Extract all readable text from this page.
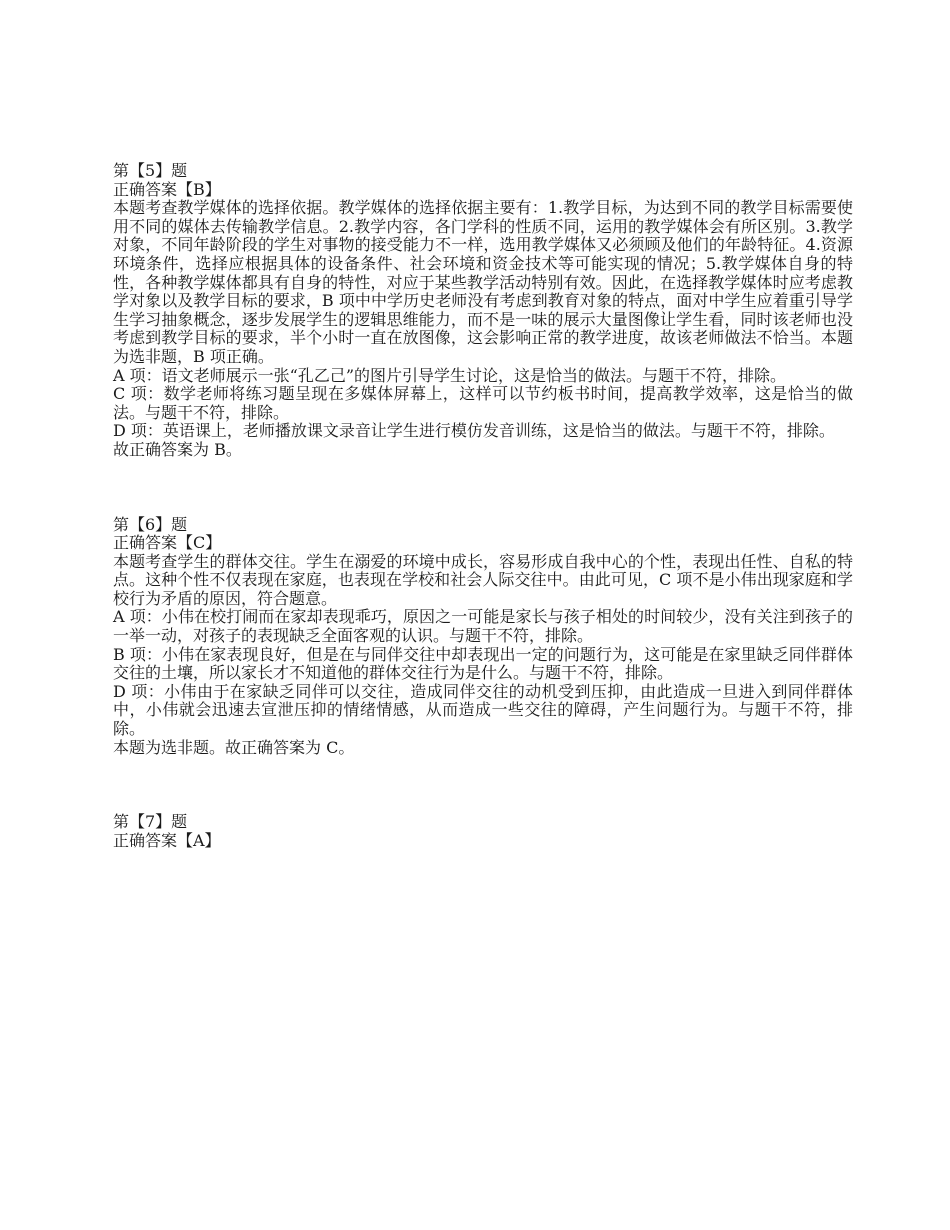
第【5】题

正确答案【B】

本题考查教学媒体的选择依据。教学媒体的选择依据主要有：1.教学目标，为达到不同的教学目标需要使用不同的媒体去传输教学信息。2.教学内容，各门学科的性质不同，运用的教学媒体会有所区别。3.教学对象，不同年龄阶段的学生对事物的接受能力不一样，选用教学媒体又必须顾及他们的年龄特征。4.资源环境条件，选择应根据具体的设备条件、社会环境和资金技术等可能实现的情况；5.教学媒体自身的特性，各种教学媒体都具有自身的特性，对应于某些教学活动特别有效。因此，在选择教学媒体时应考虑教学对象以及教学目标的要求，B 项中中学历史老师没有考虑到教育对象的特点，面对中学生应着重引导学生学习抽象概念，逐步发展学生的逻辑思维能力，而不是一味的展示大量图像让学生看，同时该老师也没考虑到教学目标的要求，半个小时一直在放图像，这会影响正常的教学进度，故该老师做法不恰当。本题为选非题，B 项正确。

A 项：语文老师展示一张“孔乙己”的图片引导学生讨论，这是恰当的做法。与题干不符，排除。

C 项：数学老师将练习题呈现在多媒体屏幕上，这样可以节约板书时间，提高教学效率，这是恰当的做法。与题干不符，排除。

D 项：英语课上，老师播放课文录音让学生进行模仿发音训练，这是恰当的做法。与题干不符，排除。

故正确答案为 B。

第【6】题

正确答案【C】

本题考查学生的群体交往。学生在溺爱的环境中成长，容易形成自我中心的个性，表现出任性、自私的特点。这种个性不仅表现在家庭，也表现在学校和社会人际交往中。由此可见，C 项不是小伟出现家庭和学校行为矛盾的原因，符合题意。

A 项：小伟在校打闹而在家却表现乖巧，原因之一可能是家长与孩子相处的时间较少，没有关注到孩子的一举一动，对孩子的表现缺乏全面客观的认识。与题干不符，排除。

B 项：小伟在家表现良好，但是在与同伴交往中却表现出一定的问题行为，这可能是在家里缺乏同伴群体交往的土壤，所以家长才不知道他的群体交往行为是什么。与题干不符，排除。

D 项：小伟由于在家缺乏同伴可以交往，造成同伴交往的动机受到压抑，由此造成一旦进入到同伴群体中，小伟就会迅速去宣泄压抑的情绪情感，从而造成一些交往的障碍，产生问题行为。与题干不符，排除。

本题为选非题。故正确答案为 C。

第【7】题

正确答案【A】
